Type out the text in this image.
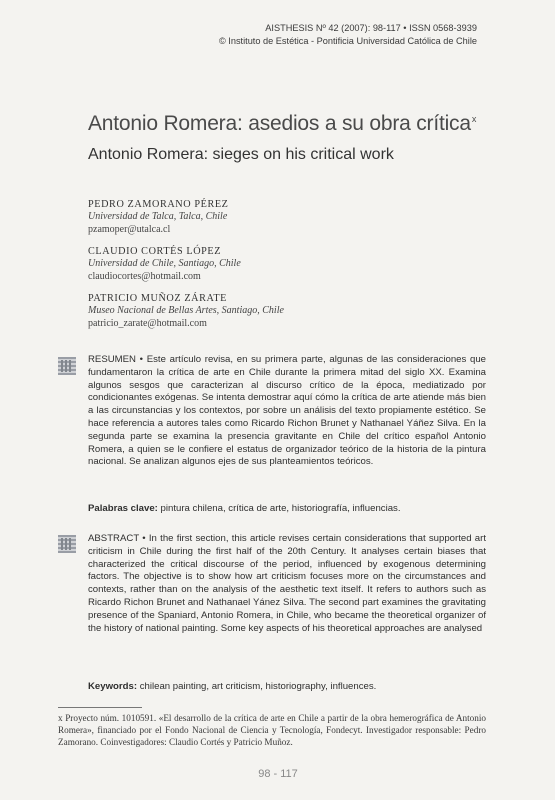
AISTHESIS Nº 42 (2007): 98-117 • ISSN 0568-3939
© Instituto de Estética - Pontificia Universidad Católica de Chile
Antonio Romera: asedios a su obra crítica$^x$
Antonio Romera: sieges on his critical work
PEDRO ZAMORANO PÉREZ
Universidad de Talca, Talca, Chile
pzamoper@utalca.cl
CLAUDIO CORTÉS LÓPEZ
Universidad de Chile, Santiago, Chile
claudiocortes@hotmail.com
PATRICIO MUÑOZ ZÁRATE
Museo Nacional de Bellas Artes, Santiago, Chile
patricio_zarate@hotmail.com
RESUMEN • Este artículo revisa, en su primera parte, algunas de las consideraciones que fundamentaron la crítica de arte en Chile durante la primera mitad del siglo XX. Examina algunos sesgos que caracterizan al discurso crítico de la época, mediatizado por condicionantes exógenas. Se intenta demostrar aquí cómo la crítica de arte atiende más bien a las circunstancias y los contextos, por sobre un análisis del texto propiamente estético. Se hace referencia a autores tales como Ricardo Richon Brunet y Nathanael Yáñez Silva. En la segunda parte se examina la presencia gravitante en Chile del crítico español Antonio Romera, a quien se le confiere el estatus de organizador teórico de la historia de la pintura nacional. Se analizan algunos ejes de sus planteamientos teóricos.
Palabras clave: pintura chilena, crítica de arte, historiografía, influencias.
ABSTRACT • In the first section, this article revises certain considerations that supported art criticism in Chile during the first half of the 20th Century. It analyses certain biases that characterized the critical discourse of the period, influenced by exogenous determining factors. The objective is to show how art criticism focuses more on the circumstances and contexts, rather than on the analysis of the aesthetic text itself. It refers to authors such as Ricardo Richon Brunet and Nathanael Yánez Silva. The second part examines the gravitating presence of the Spaniard, Antonio Romera, in Chile, who became the theoretical organizer of the history of national painting. Some key aspects of his theoretical approaches are analysed
Keywords: chilean painting, art criticism, historiography, influences.
x Proyecto núm. 1010591. «El desarrollo de la crítica de arte en Chile a partir de la obra hemerográfica de Antonio Romera», financiado por el Fondo Nacional de Ciencia y Tecnología, Fondecyt. Investigador responsable: Pedro Zamorano. Coinvestigadores: Claudio Cortés y Patricio Muñoz.
98 - 117
